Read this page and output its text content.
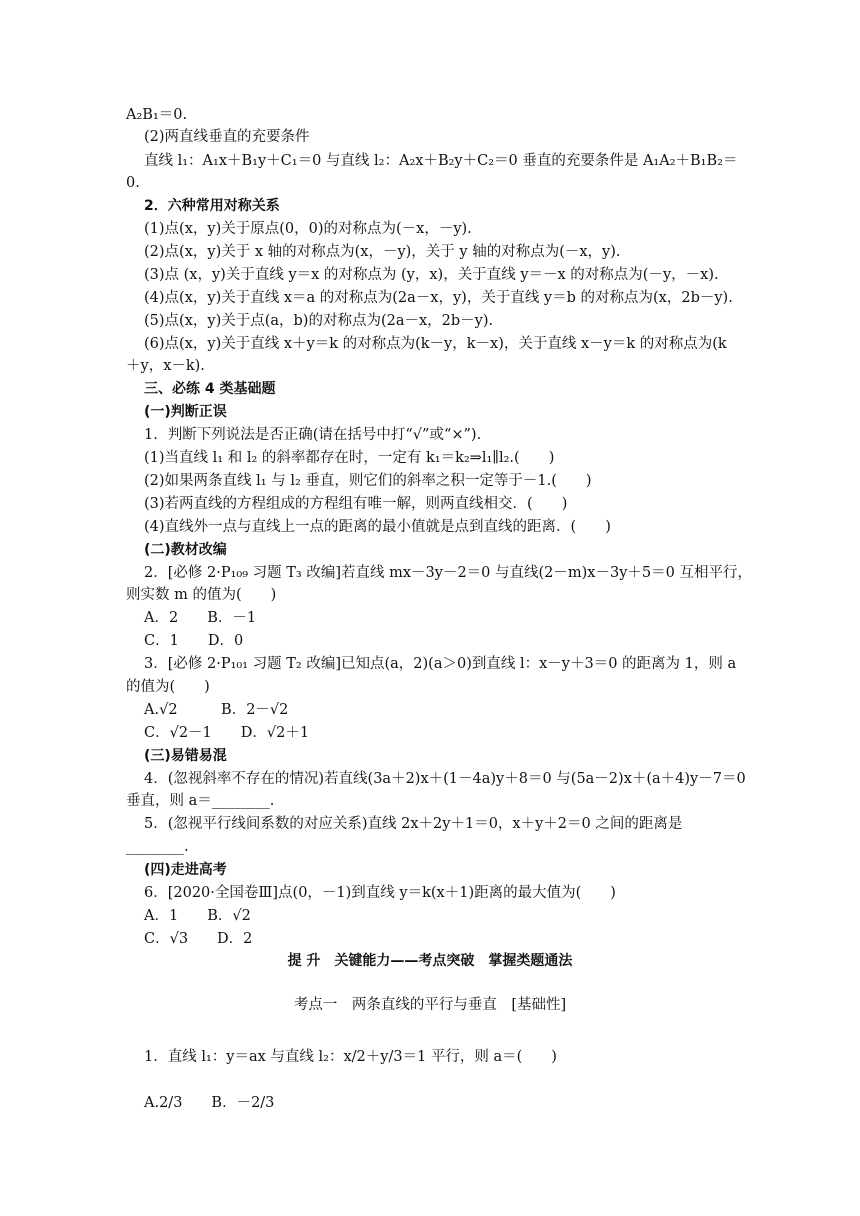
A₂B₁＝0.
(2)两直线垂直的充要条件
直线 l₁：A₁x＋B₁y＋C₁＝0 与直线 l₂：A₂x＋B₂y＋C₂＝0 垂直的充要条件是 A₁A₂＋B₁B₂＝
0.
2．六种常用对称关系
(1)点(x，y)关于原点(0，0)的对称点为(－x，－y).
(2)点(x，y)关于 x 轴的对称点为(x，－y)，关于 y 轴的对称点为(－x，y).
(3)点 (x，y)关于直线 y＝x 的对称点为 (y，x)，关于直线 y＝－x 的对称点为(－y，－x).
(4)点(x，y)关于直线 x＝a 的对称点为(2a－x，y)，关于直线 y＝b 的对称点为(x，2b－y).
(5)点(x，y)关于点(a，b)的对称点为(2a－x，2b－y).
(6)点(x，y)关于直线 x＋y＝k 的对称点为(k－y，k－x)，关于直线 x－y＝k 的对称点为(k
＋y，x－k).
三、必练 4 类基础题
(一)判断正误
1．判断下列说法是否正确(请在括号中打“√”或“×”).
(1)当直线 l₁ 和 l₂ 的斜率都存在时，一定有 k₁＝k₂⇒l₁∥l₂.(　　)
(2)如果两条直线 l₁ 与 l₂ 垂直，则它们的斜率之积一定等于－1.(　　)
(3)若两直线的方程组成的方程组有唯一解，则两直线相交．(　　)
(4)直线外一点与直线上一点的距离的最小值就是点到直线的距离．(　　)
(二)教材改编
2．[必修 2·P₁₀₉ 习题 T₃ 改编]若直线 mx－3y－2＝0 与直线(2－m)x－3y＋5＝0 互相平行，
则实数 m 的值为(　　)
A．2　　B．－1
C．1　　D．0
3．[必修 2·P₁₀₁ 习题 T₂ 改编]已知点(a，2)(a＞0)到直线 l：x－y＋3＝0 的距离为 1，则 a
的值为(　　)
A.√2　　　B．2－√2
C．√2－1　　D．√2＋1
(三)易错易混
4．(忽视斜率不存在的情况)若直线(3a＋2)x＋(1－4a)y＋8＝0 与(5a－2)x＋(a＋4)y－7＝0
垂直，则 a＝________.
5．(忽视平行线间系数的对应关系)直线 2x＋2y＋1＝0，x＋y＋2＝0 之间的距离是
________.
(四)走进高考
6．[2020·全国卷Ⅲ]点(0，－1)到直线 y＝k(x＋1)距离的最大值为(　　)
A．1　　B．√2
C．√3　　D．2
提 升　关键能力——考点突破　掌握类题通法
考点一　两条直线的平行与垂直　[基础性]
1．直线 l₁：y＝ax 与直线 l₂：x/2＋y/3＝1 平行，则 a＝(　　)
A.2/3　　B．－2/3
